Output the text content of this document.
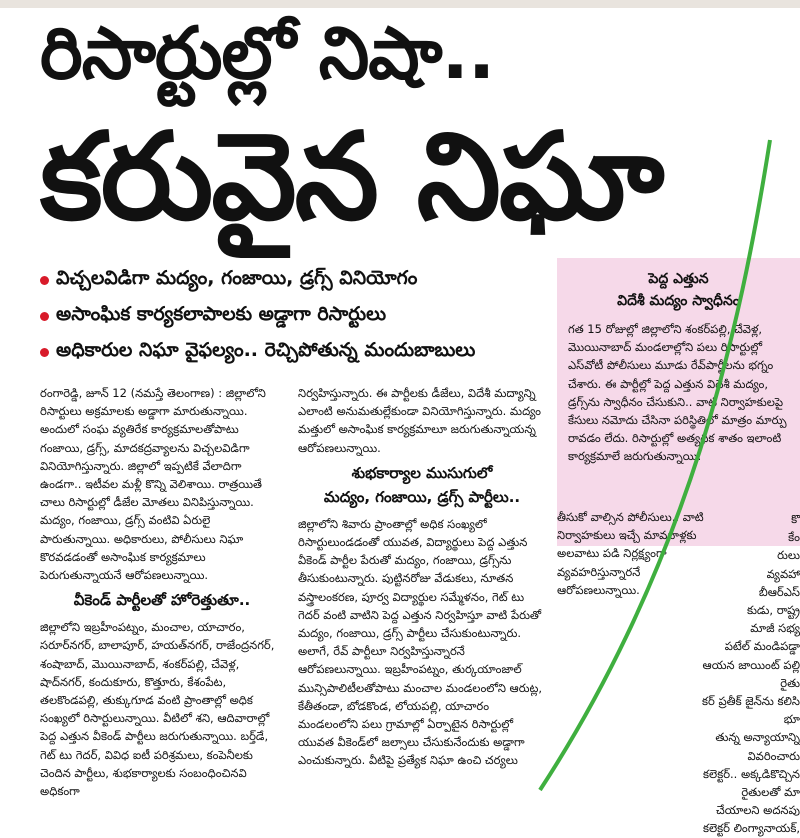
రిసార్టుల్లో నిషా..
కరువైన నిఘా
విచ్చలవిడిగా మద్యం, గంజాయి, డ్రగ్స్ వినియోగం
అసాంఘిక కార్యకలాపాలకు అడ్డాగా రిసార్టులు
అధికారుల నిఘా వైఫల్యం.. రెచ్చిపోతున్న మందుబాబులు
పెద్ద ఎత్తున
విదేశీ మద్యం స్వాధీనం
గత 15 రోజుల్లో జిల్లాలోని శంకర్‌పల్లి, చేవెళ్ల, మొయినాబాద్ మండలాల్లోని పలు రిసార్టుల్లో ఎస్‌వోటీ పోలీసులు మూడు రేవ్‌పార్టీలను భగ్నం చేశారు. ఈ పార్టీల్లో పెద్ద ఎత్తున విదేశీ మద్యం, డ్రగ్స్‌ను స్వాధీనం చేసుకుని.. వాటి నిర్వాహకులపై కేసులు నమోదు చేసినా పరిస్థితిలో మాత్రం మార్పు రావడం లేదు. రిసార్టుల్లో అత్యధిక శాతం ఇలాంటి కార్యక్రమాలే జరుగుతున్నాయి.

రంగారెడ్డి, జూన్ 12 (నమస్తే తెలంగాణ) : జిల్లాలోని రిసార్టులు అక్రమాలకు అడ్డాగా మారుతున్నాయి. అందులో సంఘ వ్యతిరేక కార్యక్రమాలతోపాటు గంజాయి, డ్రగ్స్, మాదకద్రవ్యాలను విచ్చలవిడిగా వినియోగిస్తున్నారు. జిల్లాలో ఇప్పటికే వేలాదిగా ఉండగా.. ఇటీవల మళ్లీ కొన్ని వెలిశాయి. రాత్రయితే చాలు రిసార్టుల్లో డీజేల మోతలు వినిపిస్తున్నాయి. మద్యం, గంజాయి, డ్రగ్స్ వంటివి ఏరులై పారుతున్నాయి. అధికారులు, పోలీసులు నిఘా కొరవడడంతో అసాంఘిక కార్యక్రమాలు పెరుగుతున్నాయనే ఆరోపణలున్నాయి.

వీకెండ్ పార్టీలతో హోరెత్తుతూ..

జిల్లాలోని ఇబ్రహీంపట్నం, మంచాల, యాచారం, సరూర్‌నగర్, బాలాపూర్, హయత్‌నగర్, రాజేంద్రనగర్, శంషాబాద్, మొయినాబాద్, శంకర్‌పల్లి, చేవెళ్ల, షాద్‌నగర్, కందుకూరు, కొత్తూరు, కేశంపేట, తలకొండపల్లి, తుక్కుగూడ వంటి ప్రాంతాల్లో అధిక సంఖ్యలో రిసార్టులున్నాయి. వీటిలో శని, ఆదివారాల్లో పెద్ద ఎత్తున వీకెండ్ పార్టీలు జరుగుతున్నాయి. బర్త్‌డే, గెట్ టు గెదర్, వివిధ ఐటీ పరిశ్రమలు, కంపెనీలకు చెందిన పార్టీలు, శుభకార్యాలకు సంబంధించినవి అధికంగా

నిర్వహిస్తున్నారు. ఈ పార్టీలకు డీజేలు, విదేశీ మద్యాన్ని ఎలాంటి అనుమతుల్లేకుండా వినియోగిస్తున్నారు. మద్యం మత్తులో అసాంఘిక కార్యక్రమాలూ జరుగుతున్నాయన్న ఆరోపణలున్నాయి.

శుభకార్యాల ముసుగులో
మద్యం, గంజాయి, డ్రగ్స్ పార్టీలు..

జిల్లాలోని శివారు ప్రాంతాల్లో అధిక సంఖ్యలో రిసార్టులుండడంతో యువత, విద్యార్థులు పెద్ద ఎత్తున వీకెండ్ పార్టీల పేరుతో మద్యం, గంజాయి, డ్రగ్స్‌ను తీసుకుంటున్నారు. పుట్టినరోజు వేడుకలు, నూతన వస్త్రాలంకరణ, పూర్వ విద్యార్థుల సమ్మేళనం, గెట్ టు గెదర్ వంటి వాటిని పెద్ద ఎత్తున నిర్వహిస్తూ వాటి పేరుతో మద్యం, గంజాయి, డ్రగ్స్ పార్టీలు చేసుకుంటున్నారు. అలాగే, రేవ్ పార్టీలూ నిర్వహిస్తున్నారనే ఆరోపణలున్నాయి. ఇబ్రహీంపట్నం, తుర్కయాంజాల్ మున్సిపాలిటీలతోపాటు మంచాల మండలంలోని ఆరుట్ల, కేతీతండా, బోడకొండ, లోయపల్లి, యాచారం మండలంలోని పలు గ్రామాల్లో ఏర్పాటైన రిసార్టుల్లో యువత వీకెండ్‌లో జల్సాలు చేసుకునేందుకు అడ్డాగా ఎంచుకున్నారు. వీటిపై ప్రత్యేక నిఘా ఉంచి చర్యలు

తీసుకో వాల్సిన పోలీసులు.. వాటి నిర్వాహకులు ఇచ్చే మామూళ్లకు అలవాటు పడి నిర్లక్ష్యంగా వ్యవహరిస్తున్నారనే ఆరోపణలున్నాయి.
కొ
కేం
రులు
వ్యవహా
బీఆర్‌ఎస్‌
కుడు, రాష్ట్ర
మాజీ సభ్య
పటేల్ మండిపడ్డా
ఆయన జాయింట్ పల్లి రైతు
కర్ ప్రతీక్ జైన్‌ను కలిసి భూ
తున్న అన్యాయాన్ని వివరించారు
కలెక్టర్.. అక్కడికొచ్చిన రైతులతో మా
చేయాలని అదనపు కలెక్టర్ లింగ్యానాయక్,
